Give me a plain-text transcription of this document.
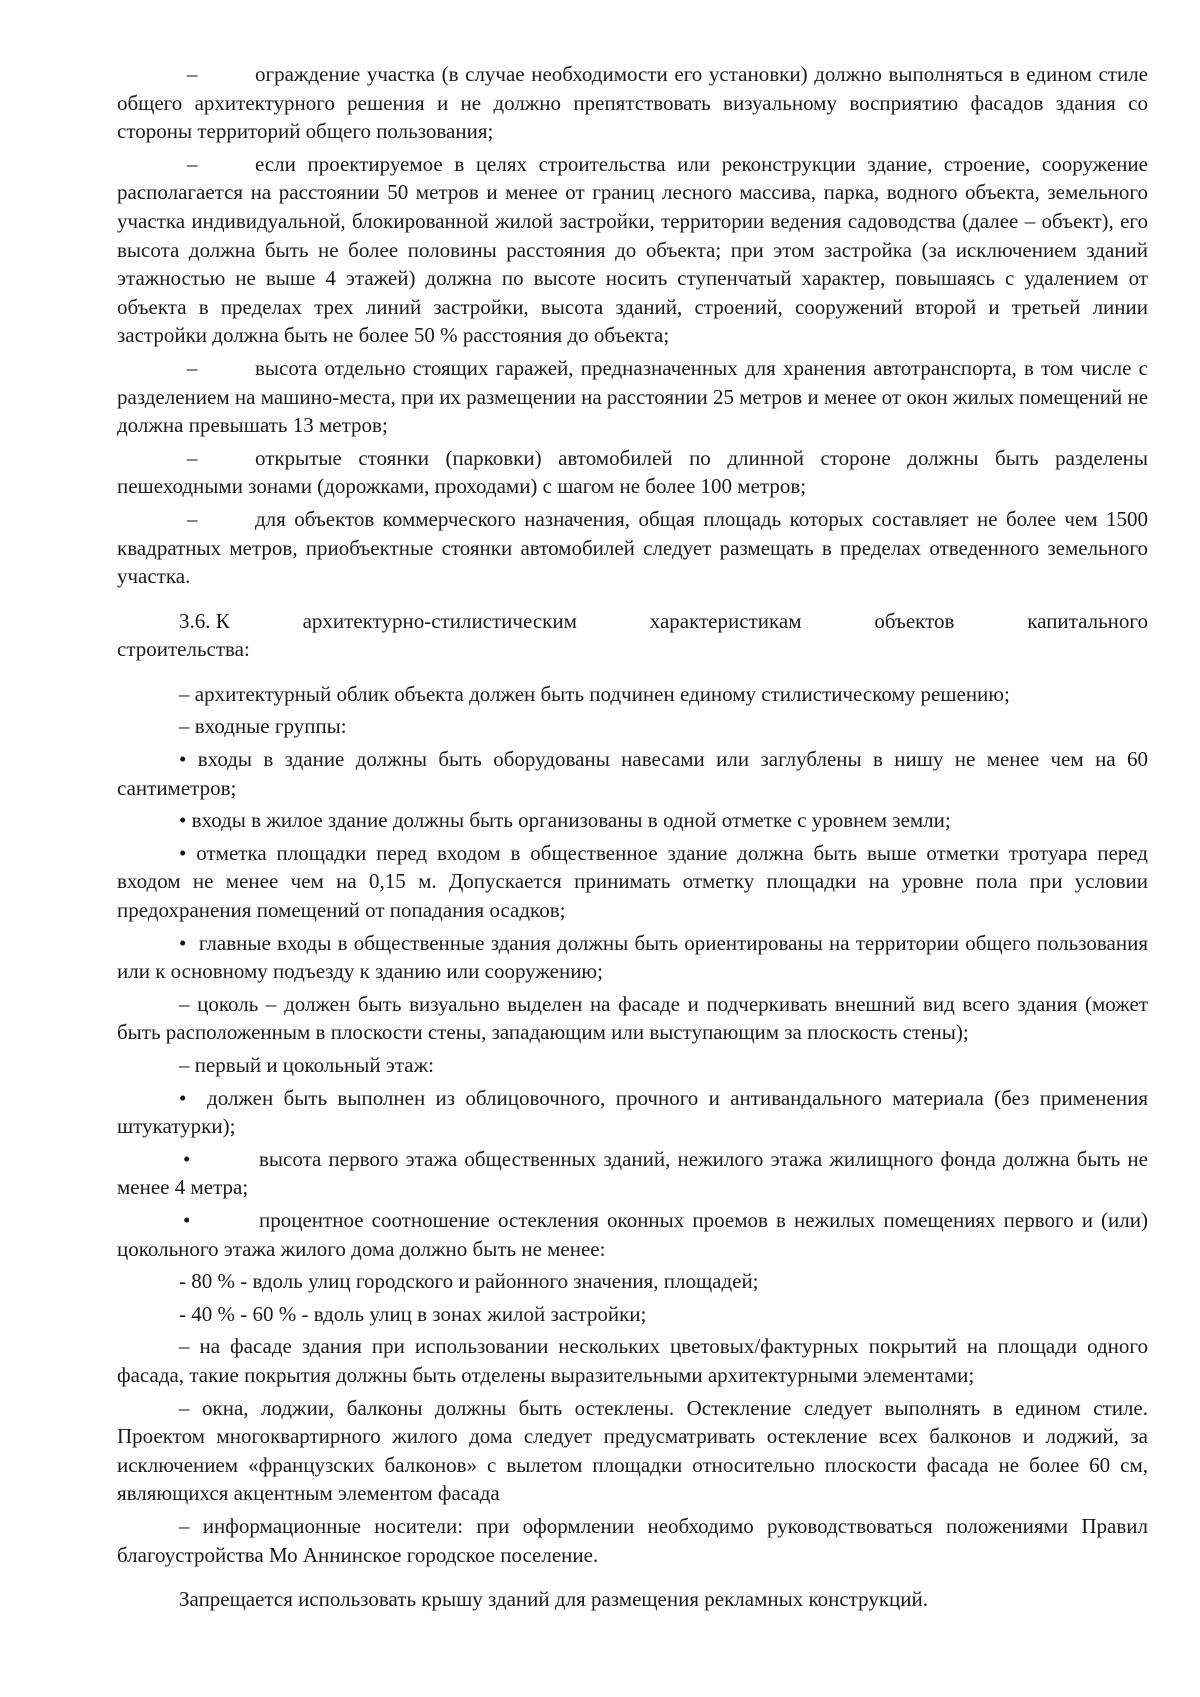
–	ограждение участка (в случае необходимости его установки) должно выполняться в едином стиле общего архитектурного решения и не должно препятствовать визуальному восприятию фасадов здания со стороны территорий общего пользования;

–	если проектируемое в целях строительства или реконструкции здание, строение, сооружение располагается на расстоянии 50 метров и менее от границ лесного массива, парка, водного объекта, земельного участка индивидуальной, блокированной жилой застройки, территории ведения садоводства (далее – объект), его высота должна быть не более половины расстояния до объекта; при этом застройка (за исключением зданий этажностью не выше 4 этажей) должна по высоте носить ступенчатый характер, повышаясь с удалением от объекта в пределах трех линий застройки, высота зданий, строений, сооружений второй и третьей линии застройки должна быть не более 50 % расстояния до объекта;

–	высота отдельно стоящих гаражей, предназначенных для хранения автотранспорта, в том числе с разделением на машино-места, при их размещении на расстоянии 25 метров и менее от окон жилых помещений не должна превышать 13 метров;

–	открытые стоянки (парковки) автомобилей по длинной стороне должны быть разделены пешеходными зонами (дорожками, проходами) с шагом не более 100 метров;

–	для объектов коммерческого назначения, общая площадь которых составляет не более чем 1500 квадратных метров, приобъектные стоянки автомобилей следует размещать в пределах отведенного земельного участка.

3.6. К	архитектурно-стилистическим	характеристикам	объектов	капитального

строительства:

– архитектурный облик объекта должен быть подчинен единому стилистическому решению;

– входные группы:

• входы в здание должны быть оборудованы навесами или заглублены в нишу не менее чем на 60 сантиметров;

• входы в жилое здание должны быть организованы в одной отметке с уровнем земли;

• отметка площадки перед входом в общественное здание должна быть выше отметки тротуара перед входом не менее чем на 0,15 м. Допускается принимать отметку площадки на уровне пола при условии предохранения помещений от попадания осадков;

• главные входы в общественные здания должны быть ориентированы на территории общего пользования или к основному подъезду к зданию или сооружению;

– цоколь – должен быть визуально выделен на фасаде и подчеркивать внешний вид всего здания (может быть расположенным в плоскости стены, западающим или выступающим за плоскость стены);

– первый и цокольный этаж:

• должен быть выполнен из облицовочного, прочного и антивандального материала (без применения штукатурки);

•	высота первого этажа общественных зданий, нежилого этажа жилищного фонда должна быть не менее 4 метра;

•	процентное соотношение остекления оконных проемов в нежилых помещениях первого и (или) цокольного этажа жилого дома должно быть не менее:

- 80 % - вдоль улиц городского и районного значения, площадей;

- 40 % - 60 % - вдоль улиц в зонах жилой застройки;

– на фасаде здания при использовании нескольких цветовых/фактурных покрытий на площади одного фасада, такие покрытия должны быть отделены выразительными архитектурными элементами;

– окна, лоджии, балконы должны быть остеклены. Остекление следует выполнять в едином стиле. Проектом многоквартирного жилого дома следует предусматривать остекление всех балконов и лоджий, за исключением «французских балконов» с вылетом площадки относительно плоскости фасада не более 60 см, являющихся акцентным элементом фасада

– информационные носители: при оформлении необходимо руководствоваться положениями Правил благоустройства Мо Аннинское городское поселение.

Запрещается использовать крышу зданий для размещения рекламных конструкций.
